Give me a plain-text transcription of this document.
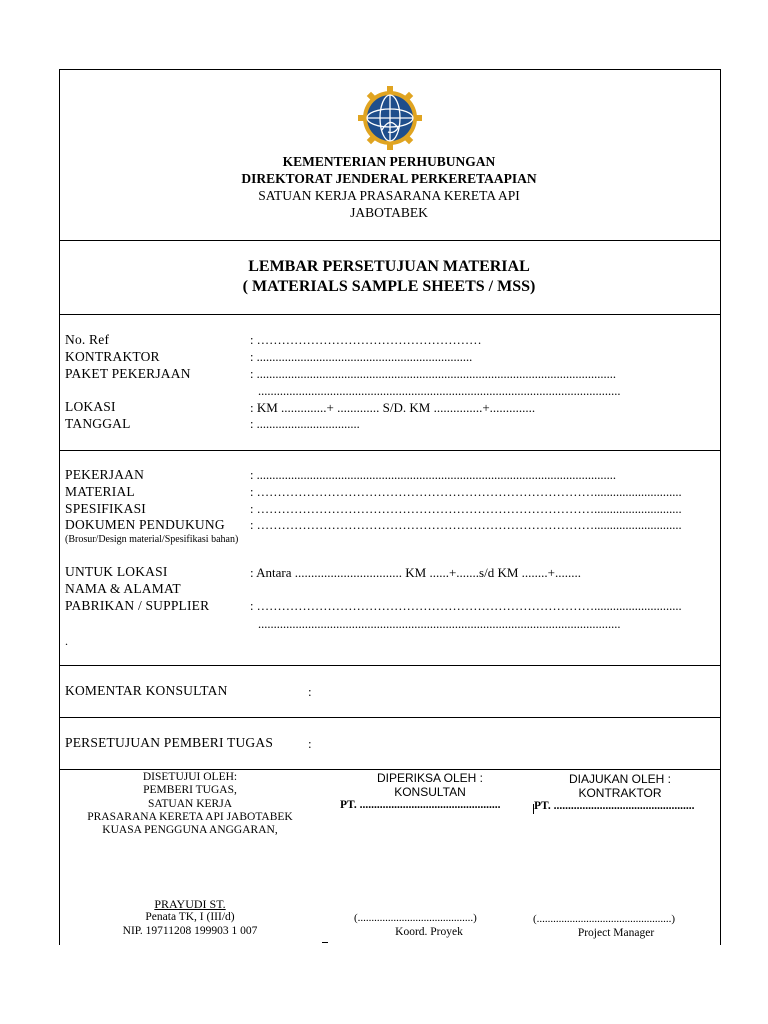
KEMENTERIAN PERHUBUNGAN
DIREKTORAT JENDERAL PERKERETAAPIAN
SATUAN KERJA PRASARANA KERETA API
JABOTABEK
LEMBAR PERSETUJUAN MATERIAL
( MATERIALS SAMPLE SHEETS / MSS)
No. Ref	: ………………………………………………
KONTRAKTOR	: .....................................................................
PAKET PEKERJAAN	: ...................................................................................................................
....................................................................................................................
LOKASI	: KM ..............+ ............. S/D. KM ...............+..............
TANGGAL	: .................................
PEKERJAAN	: ...................................................................................................................
MATERIAL	: ………………………………………………………………………............................
SPESIFIKASI	: ………………………………………………………………………............................
DOKUMEN PENDUKUNG : ………………………………………………………………………............................
(Brosur/Design material/Spesifikasi bahan)
UNTUK LOKASI	: Antara ................................. KM ......+.......s/d KM ........+........
NAMA & ALAMAT
PABRIKAN / SUPPLIER	: ………………………………………………………………………............................
....................................................................................................................
.
KOMENTAR KONSULTAN	:
PERSETUJUAN PEMBERI TUGAS	:
DISETUJUI OLEH:
PEMBERI TUGAS,
SATUAN KERJA
PRASARANA KERETA API JABOTABEK
KUASA PENGGUNA ANGGARAN,
PRAYUDI ST.
Penata TK, I (III/d)
NIP. 19711208 199903 1 007
DIPERIKSA OLEH :
KONSULTAN
PT. .................................................
(..........................................)
Koord. Proyek
DIAJUKAN OLEH :
KONTRAKTOR
PT. .................................................
(.................................................)
Project Manager
